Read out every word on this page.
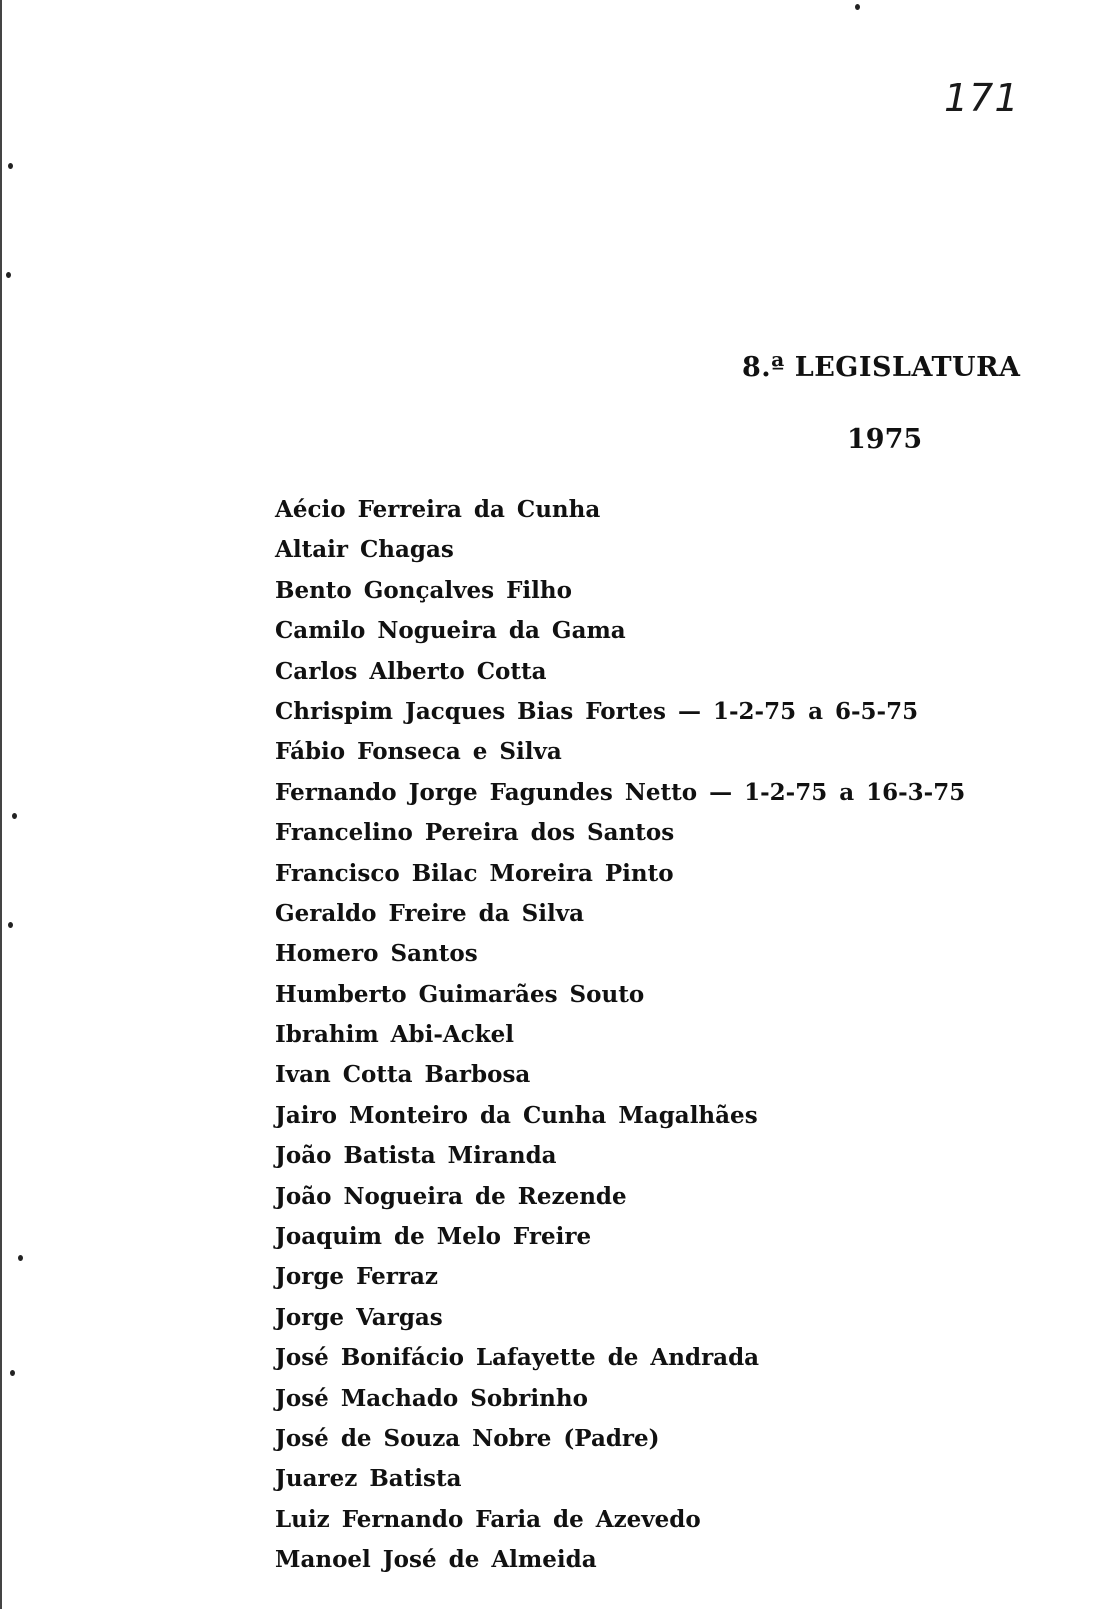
171
8.ª LEGISLATURA
1975
Aécio Ferreira da Cunha
Altair Chagas
Bento Gonçalves Filho
Camilo Nogueira da Gama
Carlos Alberto Cotta
Chrispim Jacques Bias Fortes — 1-2-75 a 6-5-75
Fábio Fonseca e Silva
Fernando Jorge Fagundes Netto — 1-2-75 a 16-3-75
Francelino Pereira dos Santos
Francisco Bilac Moreira Pinto
Geraldo Freire da Silva
Homero Santos
Humberto Guimarães Souto
Ibrahim Abi-Ackel
Ivan Cotta Barbosa
Jairo Monteiro da Cunha Magalhães
João Batista Miranda
João Nogueira de Rezende
Joaquim de Melo Freire
Jorge Ferraz
Jorge Vargas
José Bonifácio Lafayette de Andrada
José Machado Sobrinho
José de Souza Nobre (Padre)
Juarez Batista
Luiz Fernando Faria de Azevedo
Manoel José de Almeida
